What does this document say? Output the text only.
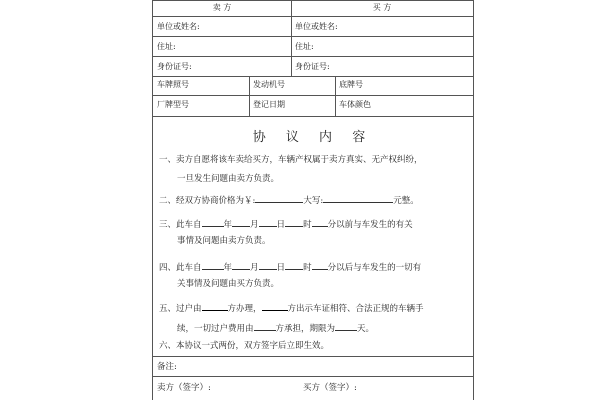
卖 方	买 方
单位或姓名:	单位或姓名:
住址:	住址:
身份证号:	身份证号:
车牌照号	发动机号	底牌号
厂牌型号	登记日期	车体颜色
协 议 内 容
一、卖方自愿将该车卖给买方，车辆产权属于卖方真实、无产权纠纷，
一旦发生问题由卖方负责。
二、经双方协商价格为￥:	大写:	元整。
三、此车自	年 月 日 时 分以前与车发生的有关
事情及问题由卖方负责。
四、此车自	年 月 日 时 分以后与车发生的一切有
关事情及问题由买方负责。
五、过户由	方办理，	方出示车证相符、合法正规的车辆手
续，一切过户费用由	方承担，期限为	天。
六、本协议一式两份，双方签字后立即生效。
备注:
卖方（签字）:	买方（签字）:
